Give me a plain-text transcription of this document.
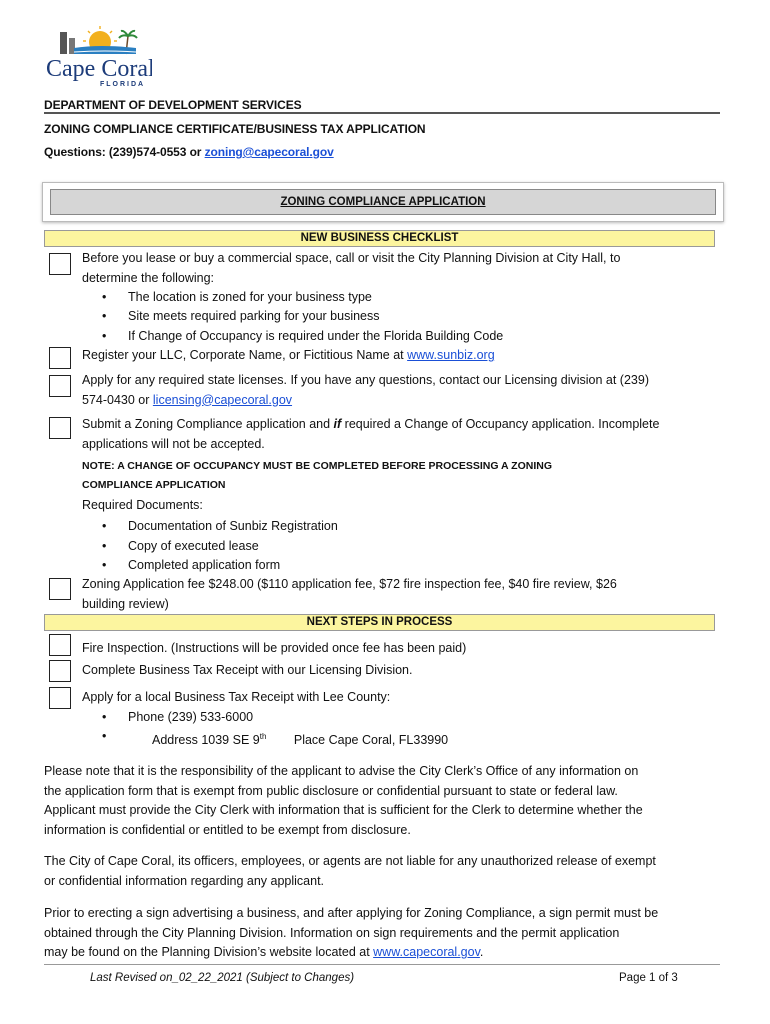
Cape Coral
FLORIDA
DEPARTMENT OF DEVELOPMENT SERVICES
ZONING COMPLIANCE CERTIFICATE/BUSINESS TAX APPLICATION
Questions: (239)574-0553 or zoning@capecoral.gov
ZONING COMPLIANCE APPLICATION
NEW BUSINESS CHECKLIST
Before you lease or buy a commercial space, call or visit the City Planning Division at City Hall, to
determine the following:
• The location is zoned for your business type
• Site meets required parking for your business
• If Change of Occupancy is required under the Florida Building Code
Register your LLC, Corporate Name, or Fictitious Name at www.sunbiz.org
Apply for any required state licenses. If you have any questions, contact our Licensing division at (239)
574-0430 or licensing@capecoral.gov
Submit a Zoning Compliance application and if required a Change of Occupancy application. Incomplete
applications will not be accepted.
NOTE: A CHANGE OF OCCUPANCY MUST BE COMPLETED BEFORE PROCESSING A ZONING
COMPLIANCE APPLICATION
Required Documents:
• Documentation of Sunbiz Registration
• Copy of executed lease
• Completed application form
Zoning Application fee $248.00 ($110 application fee, $72 fire inspection fee, $40 fire review, $26
building review)
NEXT STEPS IN PROCESS
Fire Inspection. (Instructions will be provided once fee has been paid)
Complete Business Tax Receipt with our Licensing Division.
Apply for a local Business Tax Receipt with Lee County:
• Phone (239) 533-6000
• Address 1039 SE 9th Place Cape Coral, FL33990
Please note that it is the responsibility of the applicant to advise the City Clerk’s Office of any information on
the application form that is exempt from public disclosure or confidential pursuant to state or federal law.
Applicant must provide the City Clerk with information that is sufficient for the Clerk to determine whether the
information is confidential or entitled to be exempt from disclosure.
The City of Cape Coral, its officers, employees, or agents are not liable for any unauthorized release of exempt
or confidential information regarding any applicant.
Prior to erecting a sign advertising a business, and after applying for Zoning Compliance, a sign permit must be
obtained through the City Planning Division. Information on sign requirements and the permit application
may be found on the Planning Division’s website located at www.capecoral.gov.
Last Revised on_02_22_2021 (Subject to Changes)	Page 1 of 3
